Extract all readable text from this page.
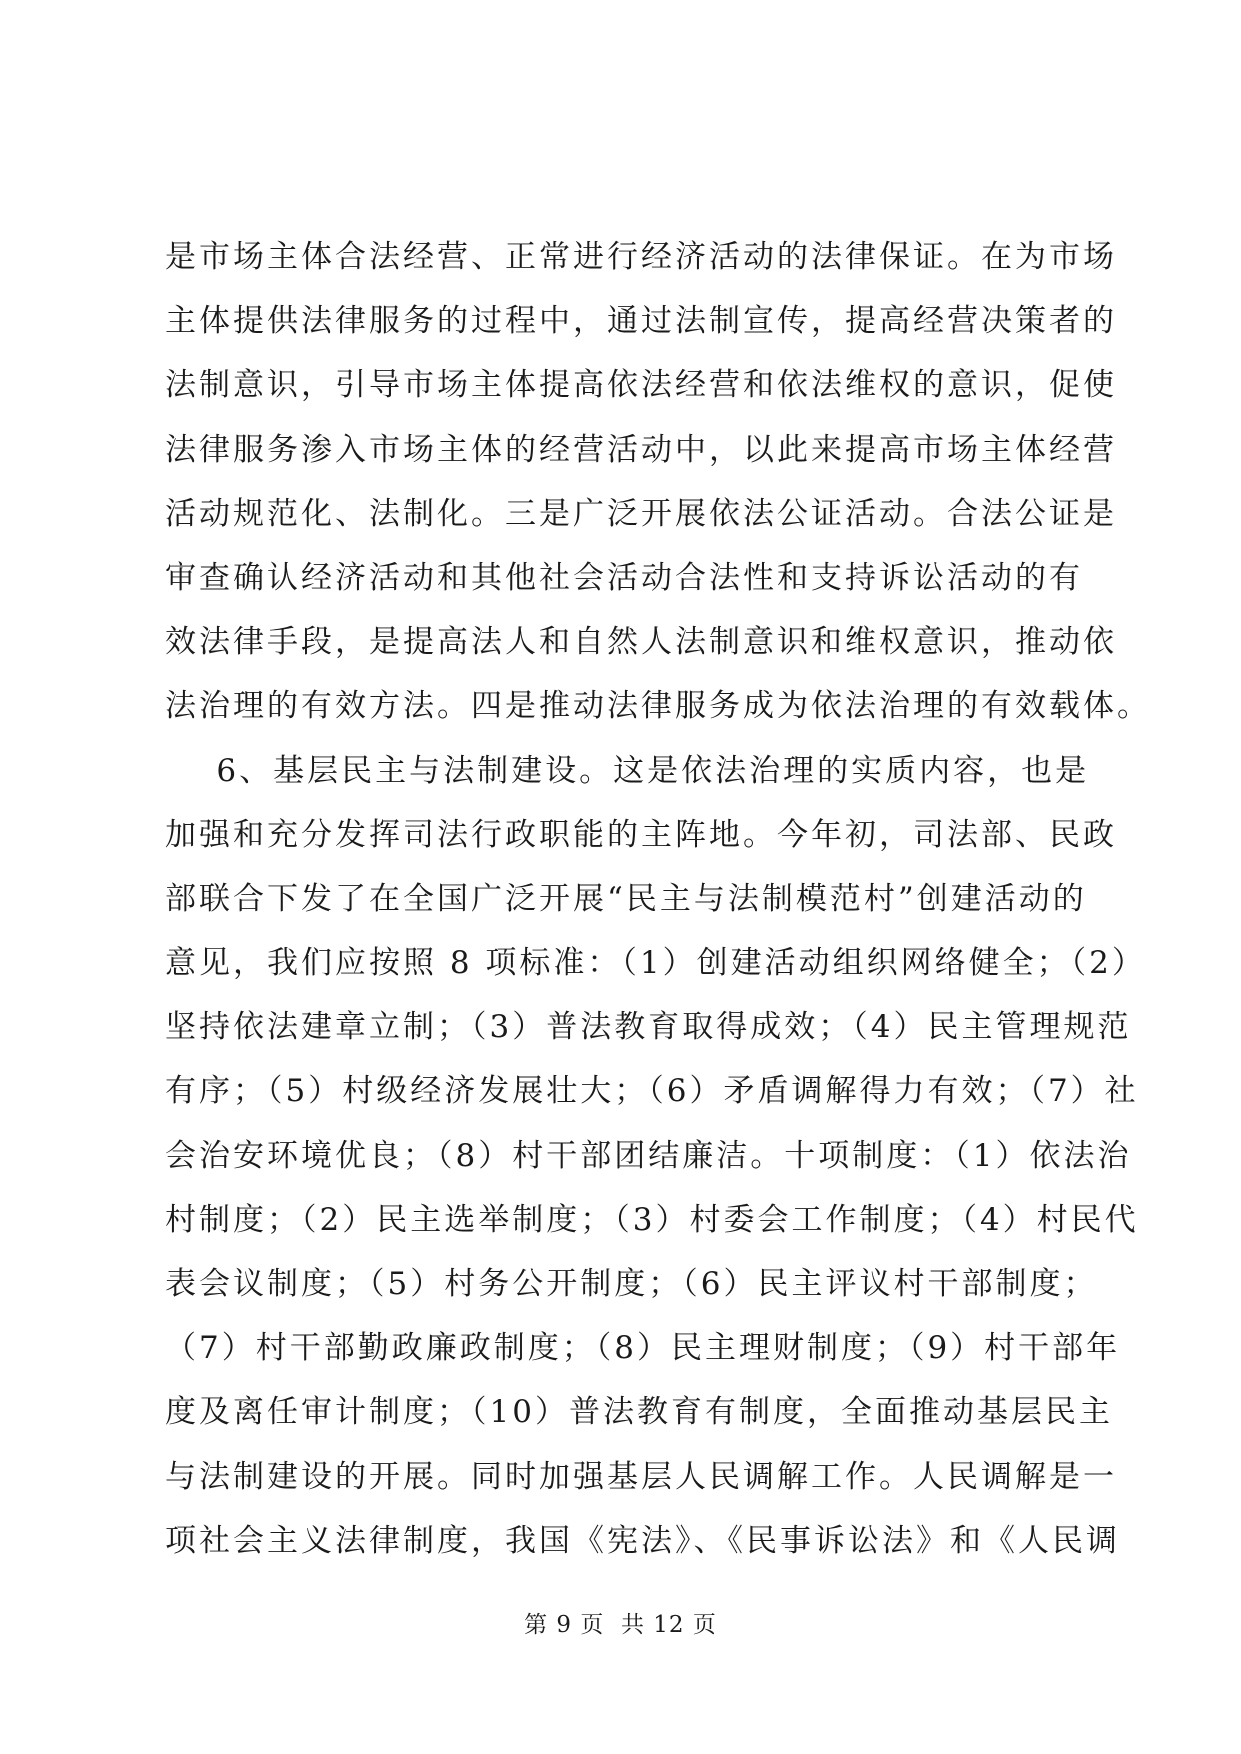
是市场主体合法经营、正常进行经济活动的法律保证。在为市场
主体提供法律服务的过程中，通过法制宣传，提高经营决策者的
法制意识，引导市场主体提高依法经营和依法维权的意识，促使
法律服务渗入市场主体的经营活动中，以此来提高市场主体经营
活动规范化、法制化。三是广泛开展依法公证活动。合法公证是
审查确认经济活动和其他社会活动合法性和支持诉讼活动的有
效法律手段，是提高法人和自然人法制意识和维权意识，推动依
法治理的有效方法。四是推动法律服务成为依法治理的有效载体。
6、基层民主与法制建设。这是依法治理的实质内容，也是
加强和充分发挥司法行政职能的主阵地。今年初，司法部、民政
部联合下发了在全国广泛开展“民主与法制模范村”创建活动的
意见，我们应按照 8 项标准：（1）创建活动组织网络健全；（2）
坚持依法建章立制；（3）普法教育取得成效；（4）民主管理规范
有序；（5）村级经济发展壮大；（6）矛盾调解得力有效；（7）社
会治安环境优良；（8）村干部团结廉洁。十项制度：（1）依法治
村制度；（2）民主选举制度；（3）村委会工作制度；（4）村民代
表会议制度；（5）村务公开制度；（6）民主评议村干部制度；
（7）村干部勤政廉政制度；（8）民主理财制度；（9）村干部年
度及离任审计制度；（10）普法教育有制度，全面推动基层民主
与法制建设的开展。同时加强基层人民调解工作。人民调解是一
项社会主义法律制度，我国《宪法》、《民事诉讼法》和《人民调
第 9 页  共 12 页
